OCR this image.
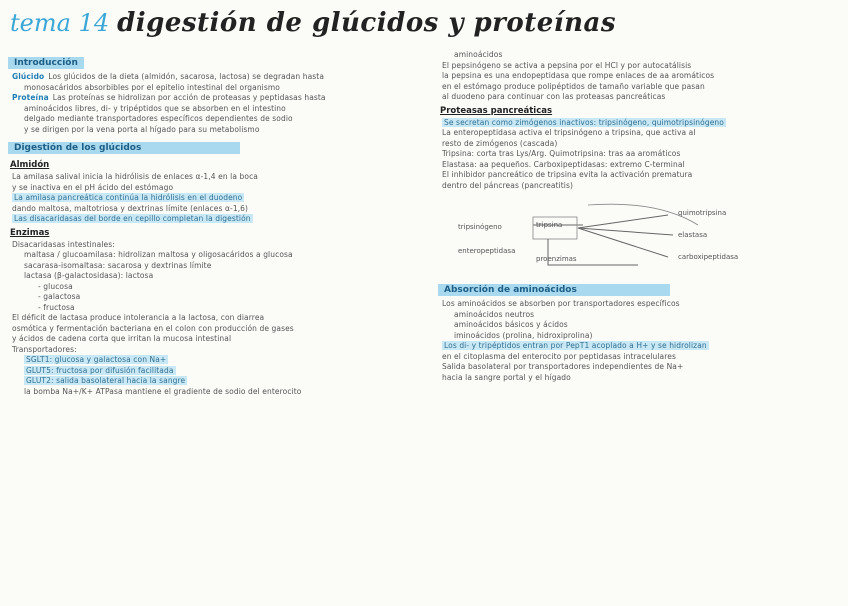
tema 14 digestión de glúcidos y proteínas
Introducción
Glúcido Los glúcidos de la dieta (almidón, sacarosa, lactosa) se degradan hasta
monosacáridos absorbibles por el epitelio intestinal del organismo
Proteína Las proteínas se hidrolizan por acción de proteasas y peptidasas hasta
aminoácidos libres, di- y tripéptidos que se absorben en el intestino
delgado mediante transportadores específicos dependientes de sodio
y se dirigen por la vena porta al hígado para su metabolismo
Digestión de los glúcidos
Almidón
La amilasa salival inicia la hidrólisis de enlaces α-1,4 en la boca
y se inactiva en el pH ácido del estómago
La amilasa pancreática continúa la hidrólisis en el duodeno
dando maltosa, maltotriosa y dextrinas límite (enlaces α-1,6)
Las disacaridasas del borde en cepillo completan la digestión
Enzimas
Disacaridasas intestinales:
maltasa / glucoamilasa: hidrolizan maltosa y oligosacáridos a glucosa
sacarasa-isomaltasa: sacarosa y dextrinas límite
lactasa (β-galactosidasa): lactosa
- glucosa
- galactosa
- fructosa
El déficit de lactasa produce intolerancia a la lactosa, con diarrea
osmótica y fermentación bacteriana en el colon con producción de gases
y ácidos de cadena corta que irritan la mucosa intestinal
Transportadores:
SGLT1: glucosa y galactosa con Na+
GLUT5: fructosa por difusión facilitada
GLUT2: salida basolateral hacia la sangre
la bomba Na+/K+ ATPasa mantiene el gradiente de sodio del enterocito
aminoácidos
El pepsinógeno se activa a pepsina por el HCl y por autocatálisis
la pepsina es una endopeptidasa que rompe enlaces de aa aromáticos
en el estómago produce polipéptidos de tamaño variable que pasan
al duodeno para continuar con las proteasas pancreáticas
Proteasas pancreáticas
Se secretan como zimógenos inactivos: tripsinógeno, quimotripsinógeno
La enteropeptidasa activa el tripsinógeno a tripsina, que activa al
resto de zimógenos (cascada)
Tripsina: corta tras Lys/Arg. Quimotripsina: tras aa aromáticos
Elastasa: aa pequeños. Carboxipeptidasas: extremo C-terminal
El inhibidor pancreático de tripsina evita la activación prematura
dentro del páncreas (pancreatitis)
tripsinógeno
enteropeptidasa
tripsina
proenzimas
quimotripsina
elastasa
carboxipeptidasa
Absorción de aminoácidos
Los aminoácidos se absorben por transportadores específicos
aminoácidos neutros
aminoácidos básicos y ácidos
iminoácidos (prolina, hidroxiprolina)
Los di- y tripéptidos entran por PepT1 acoplado a H+ y se hidrolizan
en el citoplasma del enterocito por peptidasas intracelulares
Salida basolateral por transportadores independientes de Na+
hacia la sangre portal y el hígado
